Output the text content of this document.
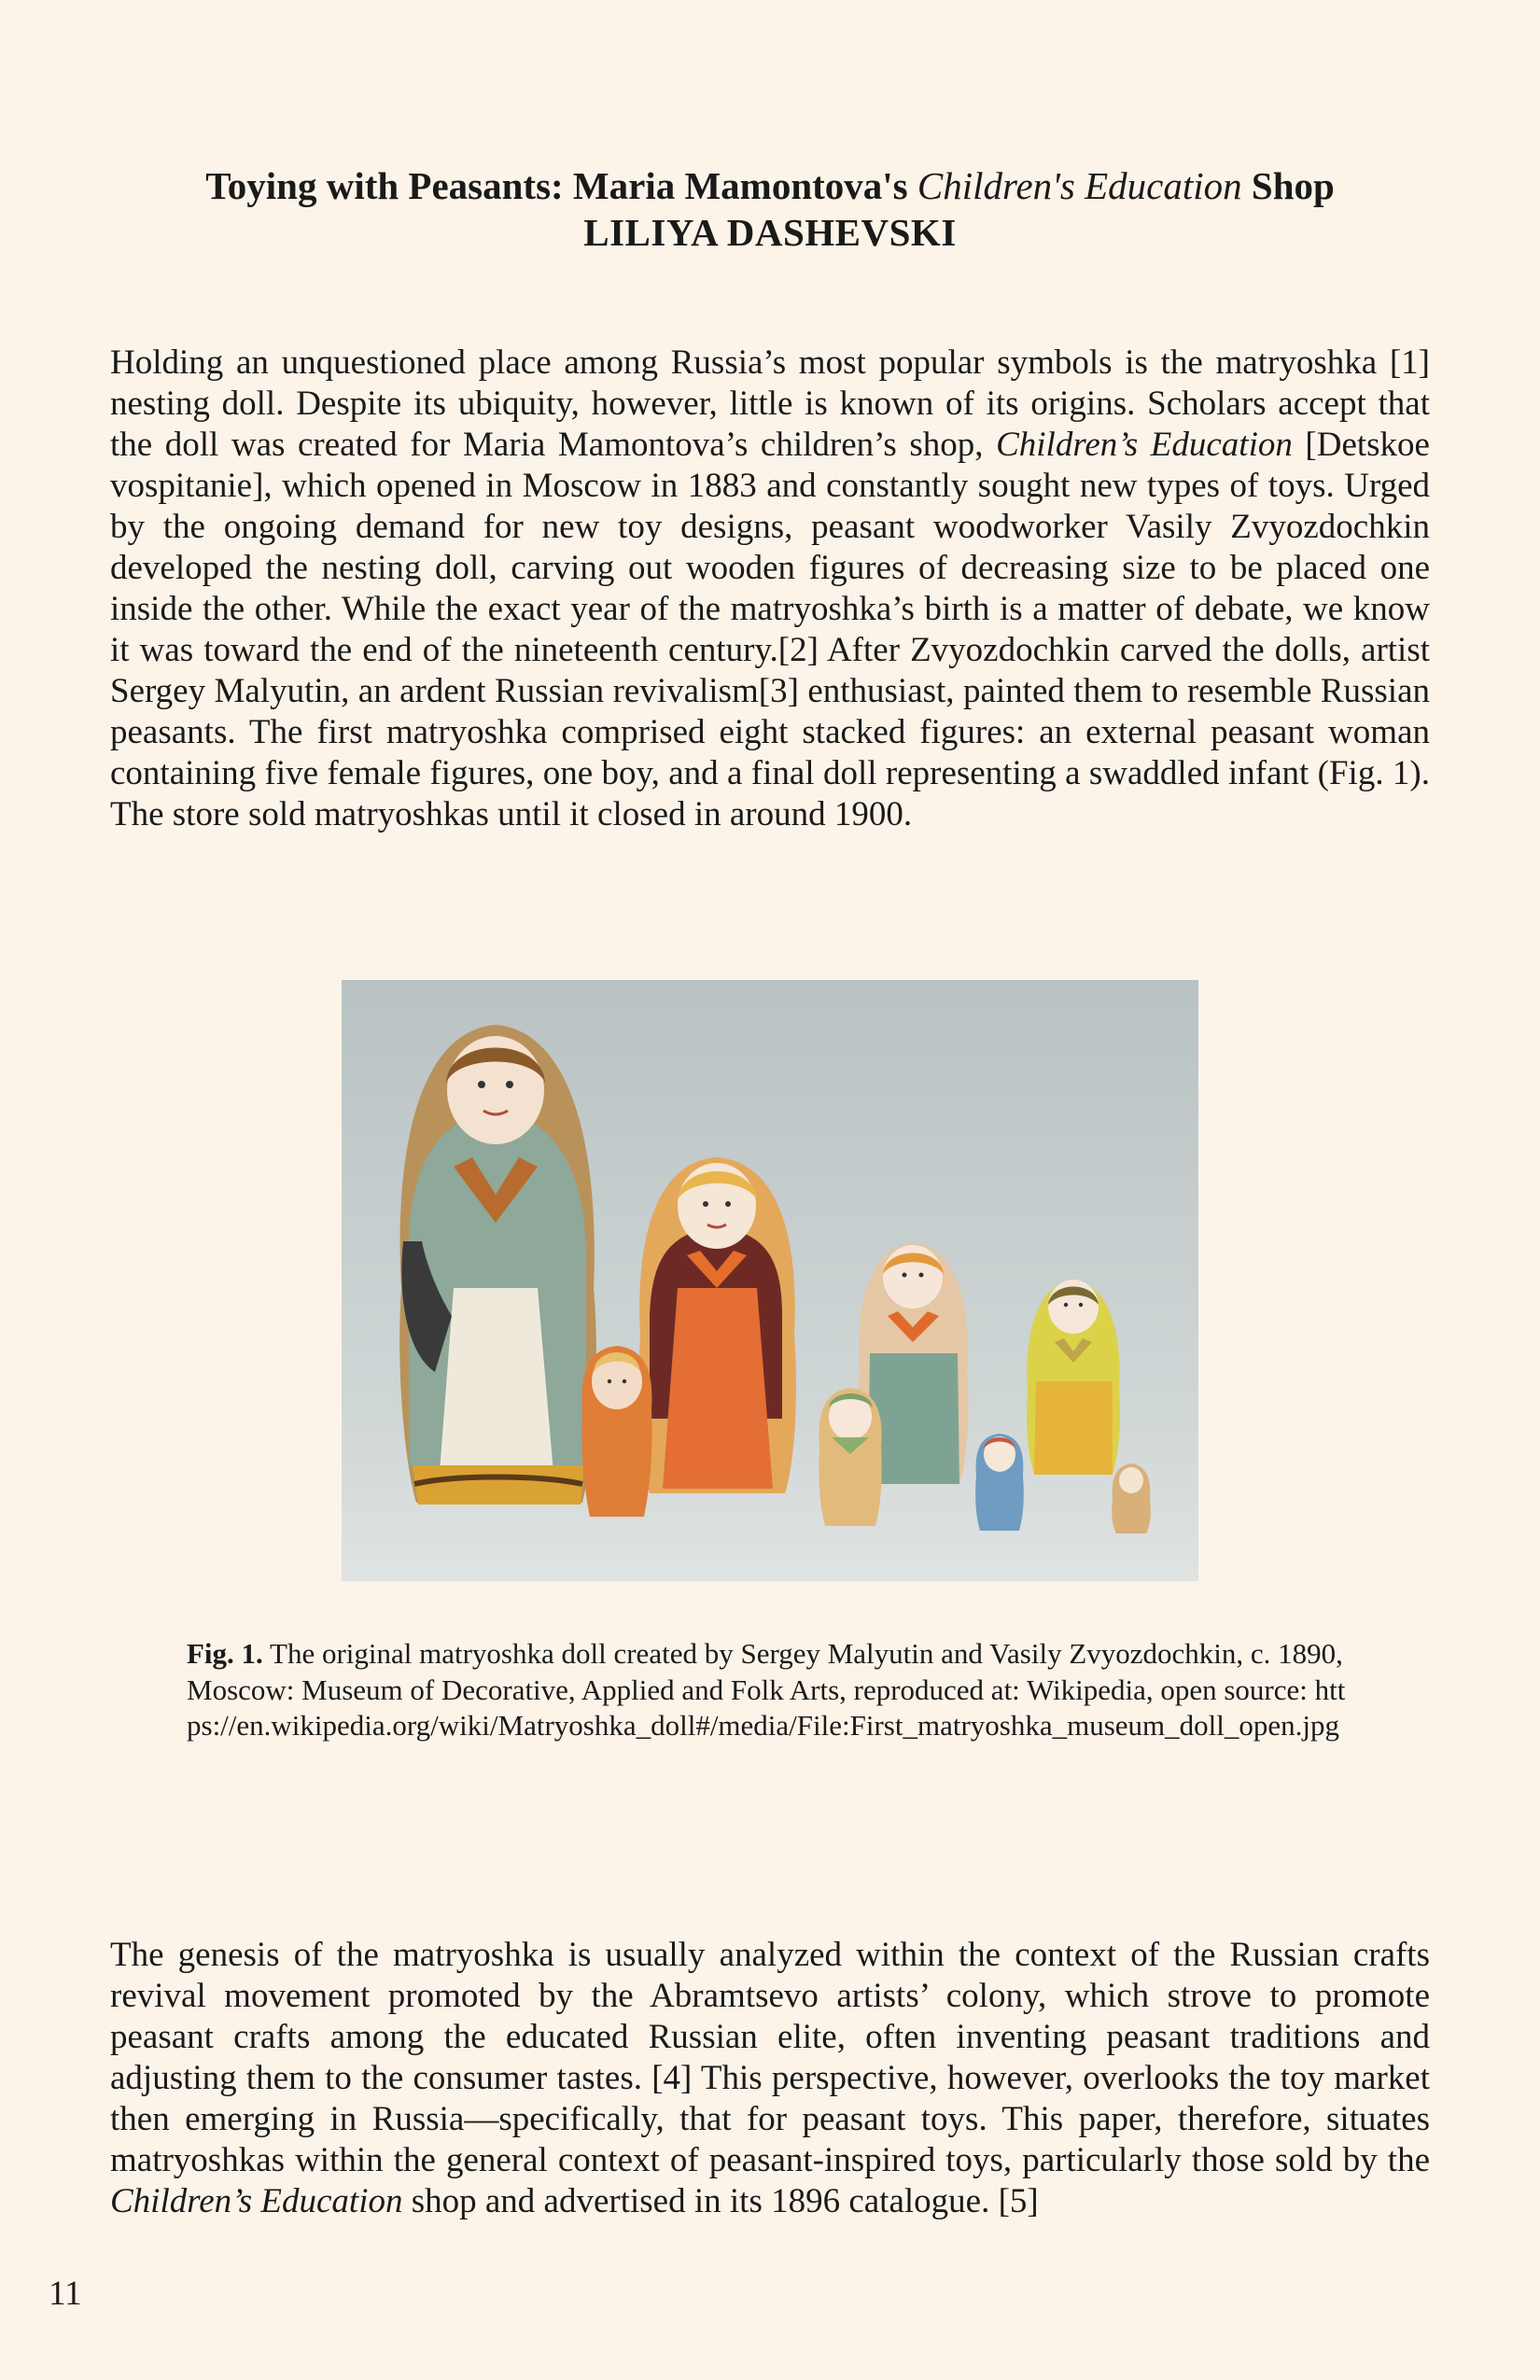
Toying with Peasants: Maria Mamontova's Children's Education Shop
LILIYA DASHEVSKI

Holding an unquestioned place among Russia’s most popular symbols is the matryoshka [1] nesting doll. Despite its ubiquity, however, little is known of its origins. Scholars accept that the doll was created for Maria Mamontova’s children’s shop, Children’s Education [Detskoe vospitanie], which opened in Moscow in 1883 and constantly sought new types of toys. Urged by the ongoing demand for new toy designs, peasant woodworker Vasily Zvyozdochkin developed the nesting doll, carving out wooden figures of decreasing size to be placed one inside the other. While the exact year of the matryoshka’s birth is a matter of debate, we know it was toward the end of the nineteenth century.[2] After Zvyozdochkin carved the dolls, artist Sergey Malyutin, an ardent Russian revivalism[3] enthusiast, painted them to resemble Russian peasants. The first matryoshka comprised eight stacked figures: an external peasant woman containing five female figures, one boy, and a final doll representing a swaddled infant (Fig. 1). The store sold matryoshkas until it closed in around 1900.

Fig. 1. The original matryoshka doll created by Sergey Malyutin and Vasily Zvyozdochkin, c. 1890, Moscow: Museum of Decorative, Applied and Folk Arts, reproduced at: Wikipedia, open source: https://en.wikipedia.org/wiki/Matryoshka_doll#/media/File:First_matryoshka_museum_doll_open.jpg

The genesis of the matryoshka is usually analyzed within the context of the Russian crafts revival movement promoted by the Abramtsevo artists’ colony, which strove to promote peasant crafts among the educated Russian elite, often inventing peasant traditions and adjusting them to the consumer tastes. [4] This perspective, however, overlooks the toy market then emerging in Russia—specifically, that for peasant toys. This paper, therefore, situates matryoshkas within the general context of peasant-inspired toys, particularly those sold by the Children’s Education shop and advertised in its 1896 catalogue. [5]

11
